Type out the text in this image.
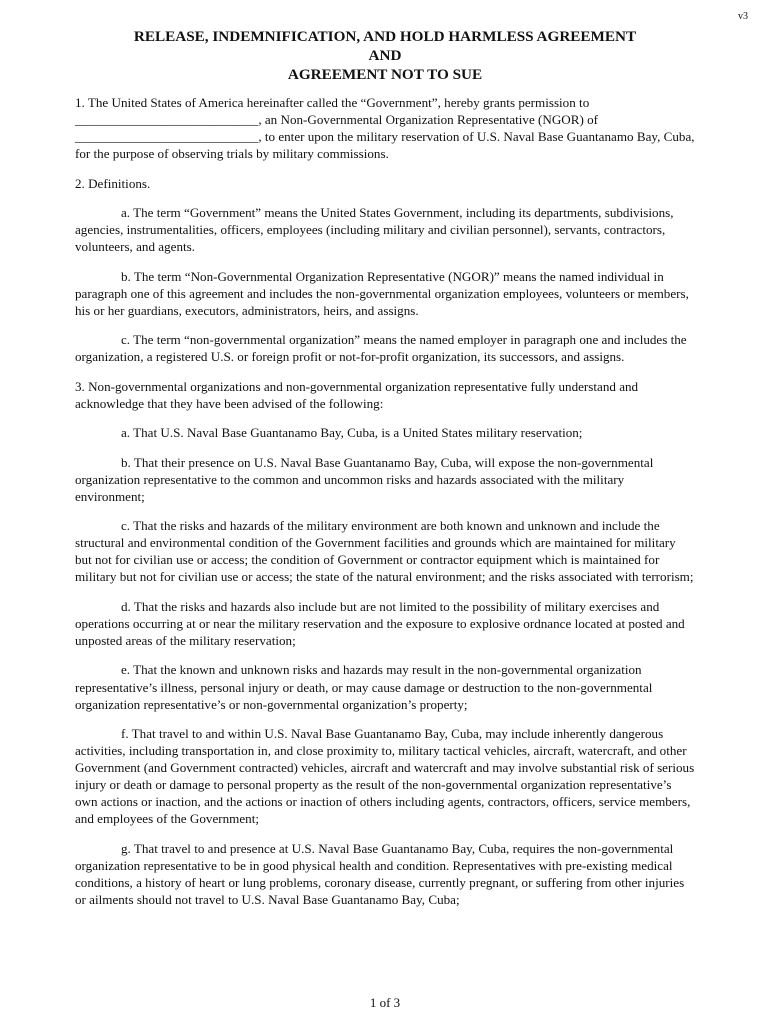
v3
RELEASE, INDEMNIFICATION, AND HOLD HARMLESS AGREEMENT
AND
AGREEMENT NOT TO SUE

1. The United States of America hereinafter called the “Government”, hereby grants permission to ____________________________, an Non-Governmental Organization Representative (NGOR) of ____________________________, to enter upon the military reservation of U.S. Naval Base Guantanamo Bay, Cuba, for the purpose of observing trials by military commissions.

2. Definitions.

a. The term “Government” means the United States Government, including its departments, subdivisions, agencies, instrumentalities, officers, employees (including military and civilian personnel), servants, contractors, volunteers, and agents.

b. The term “Non-Governmental Organization Representative (NGOR)” means the named individual in paragraph one of this agreement and includes the non-governmental organization employees, volunteers or members, his or her guardians, executors, administrators, heirs, and assigns.

c. The term “non-governmental organization” means the named employer in paragraph one and includes the organization, a registered U.S. or foreign profit or not-for-profit organization, its successors, and assigns.

3. Non-governmental organizations and non-governmental organization representative fully understand and acknowledge that they have been advised of the following:

a. That U.S. Naval Base Guantanamo Bay, Cuba, is a United States military reservation;

b. That their presence on U.S. Naval Base Guantanamo Bay, Cuba, will expose the non-governmental organization representative to the common and uncommon risks and hazards associated with the military environment;

c. That the risks and hazards of the military environment are both known and unknown and include the structural and environmental condition of the Government facilities and grounds which are maintained for military but not for civilian use or access; the condition of Government or contractor equipment which is maintained for military but not for civilian use or access; the state of the natural environment; and the risks associated with terrorism;

d. That the risks and hazards also include but are not limited to the possibility of military exercises and operations occurring at or near the military reservation and the exposure to explosive ordnance located at posted and unposted areas of the military reservation;

e. That the known and unknown risks and hazards may result in the non-governmental organization representative’s illness, personal injury or death, or may cause damage or destruction to the non-governmental organization representative’s or non-governmental organization’s property;

f. That travel to and within U.S. Naval Base Guantanamo Bay, Cuba, may include inherently dangerous activities, including transportation in, and close proximity to, military tactical vehicles, aircraft, watercraft, and other Government (and Government contracted) vehicles, aircraft and watercraft and may involve substantial risk of serious injury or death or damage to personal property as the result of the non-governmental organization representative’s own actions or inaction, and the actions or inaction of others including agents, contractors, officers, service members, and employees of the Government;

g. That travel to and presence at U.S. Naval Base Guantanamo Bay, Cuba, requires the non-governmental organization representative to be in good physical health and condition. Representatives with pre-existing medical conditions, a history of heart or lung problems, coronary disease, currently pregnant, or suffering from other injuries or ailments should not travel to U.S. Naval Base Guantanamo Bay, Cuba;

1 of 3
